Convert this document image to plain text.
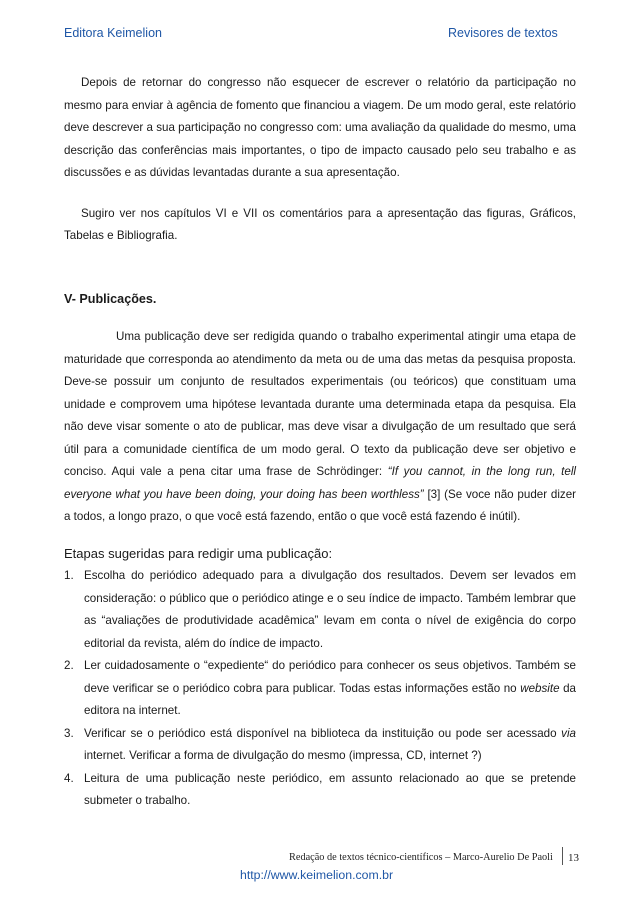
Editora Keimelion	Revisores de textos

Depois de retornar do congresso não esquecer de escrever o relatório da participação no mesmo para enviar à agência de fomento que financiou a viagem. De um modo geral, este relatório deve descrever a sua participação no congresso com: uma avaliação da qualidade do mesmo, uma descrição das conferências mais importantes, o tipo de impacto causado pelo seu trabalho e as discussões e as dúvidas levantadas durante a sua apresentação.

Sugiro ver nos capítulos VI e VII os comentários para a apresentação das figuras, Gráficos, Tabelas e Bibliografia.

V- Publicações.

Uma publicação deve ser redigida quando o trabalho experimental atingir uma etapa de maturidade que corresponda ao atendimento da meta ou de uma das metas da pesquisa proposta. Deve-se possuir um conjunto de resultados experimentais (ou teóricos) que constituam uma unidade e comprovem uma hipótese levantada durante uma determinada etapa da pesquisa. Ela não deve visar somente o ato de publicar, mas deve visar a divulgação de um resultado que será útil para a comunidade científica de um modo geral. O texto da publicação deve ser objetivo e conciso. Aqui vale a pena citar uma frase de Schrödinger: “If you cannot, in the long run, tell everyone what you have been doing, your doing has been worthless” [3] (Se voce não puder dizer a todos, a longo prazo, o que você está fazendo, então o que você está fazendo é inútil).

Etapas sugeridas para redigir uma publicação:

1. Escolha do periódico adequado para a divulgação dos resultados. Devem ser levados em consideração: o público que o periódico atinge e o seu índice de impacto. Também lembrar que as “avaliações de produtividade acadêmica” levam em conta o nível de exigência do corpo editorial da revista, além do índice de impacto.
2. Ler cuidadosamente o “expediente“ do periódico para conhecer os seus objetivos. Também se deve verificar se o periódico cobra para publicar. Todas estas informações estão no website da editora na internet.
3. Verificar se o periódico está disponível na biblioteca da instituição ou pode ser acessado via internet. Verificar a forma de divulgação do mesmo (impressa, CD, internet ?)
4. Leitura de uma publicação neste periódico, em assunto relacionado ao que se pretende submeter o trabalho.
Redação de textos técnico-científicos – Marco-Aurelio De Paoli 13
http://www.keimelion.com.br
